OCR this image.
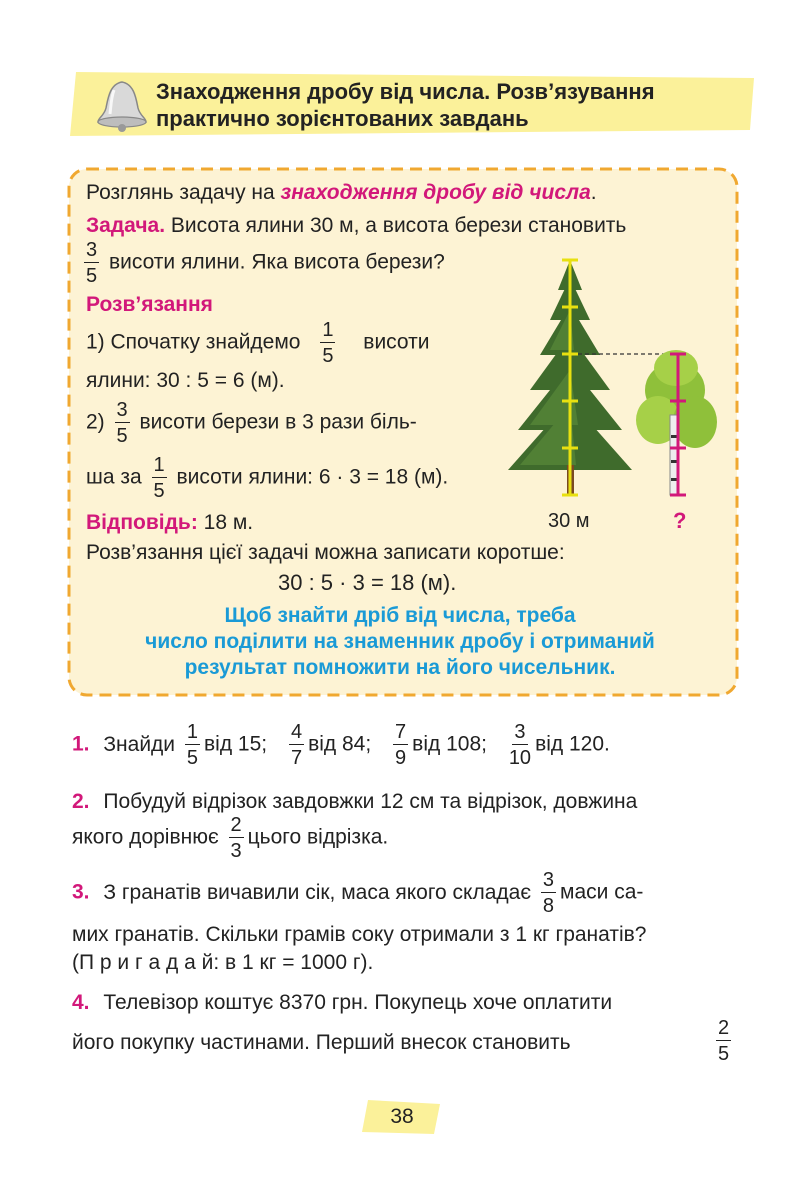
Знаходження дробу від числа. Розв’язування
практично зорієнтованих завдань
30 м	?
Розглянь задачу на знаходження дробу від числа.
Задача. Висота ялини 30 м, а висота берези становить
$\frac{3}{5}$ висоти ялини. Яка висота берези?
Розв’язання
1) Спочатку знайдемо $\frac{1}{5}$ висоти
ялини: 30 : 5 = 6 (м).
$2) \frac{3}{5}$ висоти берези в 3 рази біль-
ша за $\frac{1}{5}$ висоти ялини: 6 · 3 = 18 (м).
Відповідь: 18 м.
Розв’язання цієї задачі можна записати коротше:
30 : 5 · 3 = 18 (м).
Щоб знайти дріб від числа, треба
число поділити на знаменник дробу і отриманий
результат помножити на його чисельник.
1. Знайди $\frac{1}{5}$ від 15; $\frac{4}{7}$ від 84; $\frac{7}{9}$ від 108; $\frac{3}{10}$ від 120.
2. Побудуй відрізок завдовжки 12 см та відрізок, довжина
якого дорівнює $\frac{2}{3}$ цього відрізка.
3. З гранатів вичавили сік, маса якого складає $\frac{3}{8}$ маси са-
мих гранатів. Скільки грамів соку отримали з 1 кг гранатів?
(П р и г а д а й: в 1 кг = 1000 г).
4. Телевізор коштує 8370 грн. Покупець хоче оплатити
його покупку частинами. Перший внесок становить	$\frac{2}{5}$
38
